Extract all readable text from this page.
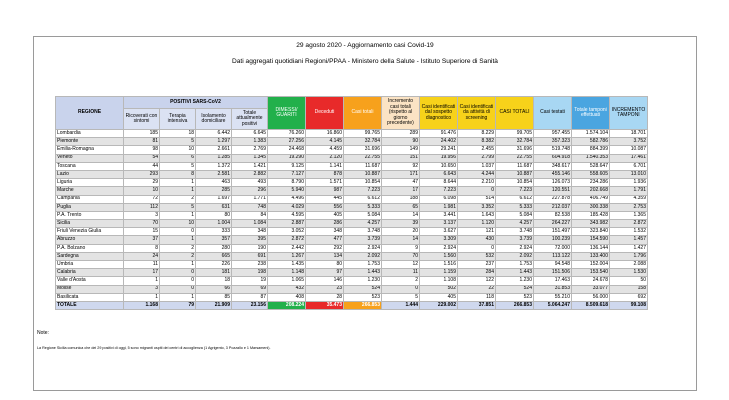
29 agosto 2020 - Aggiornamento casi Covid-19
Dati aggregati quotidiani Regioni/PPAA - Ministero della Salute - Istituto Superiore di Sanità
REGIONE	POSITIVI SARS-CoV2				DIMESSI/ GUARITI	Deceduti	Casi totali	Incremento casi totali (rispetto al giorno precedente)	Casi identificati dal sospetto diagnostico	Casi identificati da attività di screening	CASI TOTALI	Casi testati	Totale tamponi effettuati	INCREMENTO TAMPONI
	Ricoverati con sintomi	Terapia intensiva	Isolamento domiciliare	Totale attualmente positivi										
Lombardia	185	18	6.442	6.645	76.260	16.860	99.765	289	91.476	8.229	99.705	957.455	1.574.104	18.701
Piemonte	81	5	1.297	1.383	27.256	4.145	32.784	90	24.402	8.382	32.784	357.323	582.786	3.752
Emilia-Romagna	98	10	2.661	2.769	24.468	4.459	31.696	149	29.241	2.455	31.696	519.748	884.399	10.087
Veneto	54	6	1.285	1.345	19.290	2.120	22.755	151	19.956	2.799	22.755	604.918	1.540.353	17.461
Toscana	44	5	1.372	1.421	9.125	1.141	11.687	92	10.650	1.037	11.687	348.617	528.647	6.701
Lazio	293	8	2.581	2.882	7.127	878	10.887	171	6.643	4.244	10.887	455.146	558.605	13.010
Liguria	29	1	463	493	8.790	1.571	10.854	47	8.644	2.210	10.854	126.073	234.286	1.936
Marche	10	1	285	296	5.940	987	7.223	17	7.223	0	7.223	120.551	202.668	1.791
Campania	72	2	1.697	1.771	4.496	445	6.612	188	6.098	514	6.612	227.878	406.749	4.359
Puglia	112	5	631	748	4.029	556	5.333	65	1.981	3.352	5.333	212.037	300.338	2.753
P.A. Trento	3	1	80	84	4.595	405	5.084	14	3.441	1.643	5.084	82.538	185.428	1.365
Sicilia	70	10	1.004	1.084	2.887	286	4.257	39	3.137	1.120	4.257	264.227	343.982	2.872
Friuli Venezia Giulia	15	0	333	348	3.052	348	3.748	20	3.627	121	3.748	151.497	323.840	1.532
Abruzzo	37	1	357	395	2.872	477	3.739	14	3.309	430	3.739	100.239	154.590	1.457
P.A. Bolzano	8	2	280	190	2.442	292	2.924	9	2.924	0	2.924	72.000	136.144	1.427
Sardegna	24	2	665	691	1.267	134	2.092	70	1.560	532	2.092	113.122	133.400	1.796
Umbria	11	1	226	238	1.435	80	1.753	12	1.516	237	1.753	94.548	152.004	2.088
Calabria	17	0	181	198	1.148	97	1.443	11	1.159	284	1.443	151.506	153.540	1.530
Valle d'Aosta	1	0	18	19	1.065	146	1.230	2	1.108	122	1.230	17.463	24.678	50
Molise	3	0	66	69	432	23	524	0	502	22	524	31.853	33.077	158
Basilicata	1	1	85	87	408	28	523	5	405	118	523	55.210	56.000	692
TOTALE	1.168	79	21.909	23.156	208.224	35.473	266.853	1.444	229.002	37.851	266.853	5.064.247	8.509.618	99.108
Note:
La Regione Sicilia comunica che dei 29 positivi di oggi, 5 sono migranti ospiti dei centri di accoglienza (1 Agrigento, 3 Pozzallo e 1 Marsameni).
